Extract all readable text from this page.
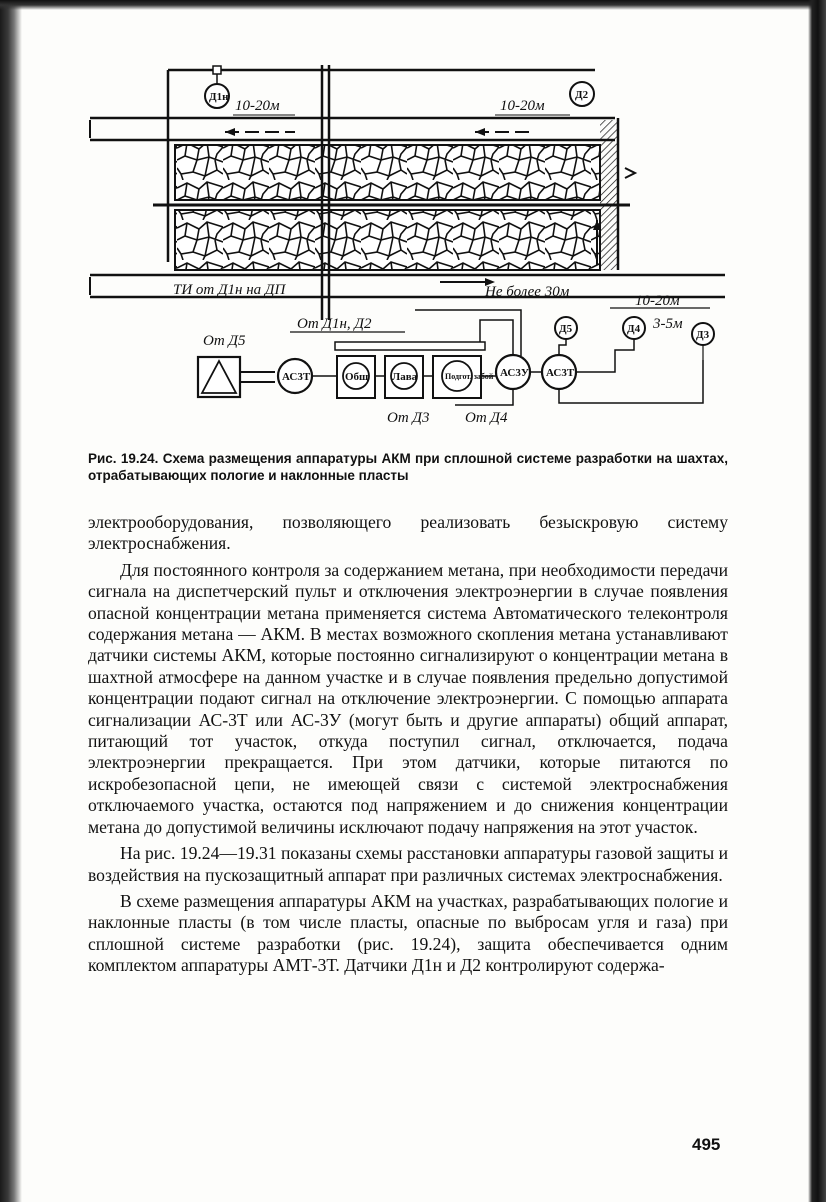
Д1н
10-20м
Д2
10-20м
ТИ от Д1н на ДП	Не более 30м
10-20м
3-5м
Д5	Д4	Д3
От Д5
От Д1н, Д2
АС3Т	Общ Лава	Подгот. забой АС3У АС3Т
От Д3 От Д4
Рис. 19.24. Схема размещения аппаратуры АКМ при сплошной системе разработки на шахтах, отрабатывающих пологие и наклонные пласты

электрооборудования, позволяющего реализовать безыскровую систему электроснабжения.

Для постоянного контроля за содержанием метана, при необходимости передачи сигнала на диспетчерский пульт и отключения электроэнергии в случае появления опасной концентрации метана применяется система Автоматического телеконтроля содержания метана — АКМ. В местах возможного скопления метана устанавливают датчики системы АКМ, которые постоянно сигнализируют о концентрации метана в шахтной атмосфере на данном участке и в случае появления предельно допустимой концентрации подают сигнал на отключение электроэнергии. С помощью аппарата сигнализации АС-3Т или АС-3У (могут быть и другие аппараты) общий аппарат, питающий тот участок, откуда поступил сигнал, отключается, подача электроэнергии прекращается. При этом датчики, которые питаются по искробезопасной цепи, не имеющей связи с системой электроснабжения отключаемого участка, остаются под напряжением и до снижения концентрации метана до допустимой величины исключают подачу напряжения на этот участок.

На рис. 19.24—19.31 показаны схемы расстановки аппаратуры газовой защиты и воздействия на пускозащитный аппарат при различных системах электроснабжения.

В схеме размещения аппаратуры АКМ на участках, разрабатывающих пологие и наклонные пласты (в том числе пласты, опасные по выбросам угля и газа) при сплошной системе разработки (рис. 19.24), защита обеспечивается одним комплектом аппаратуры АМТ-3Т. Датчики Д1н и Д2 контролируют содержа-

495
